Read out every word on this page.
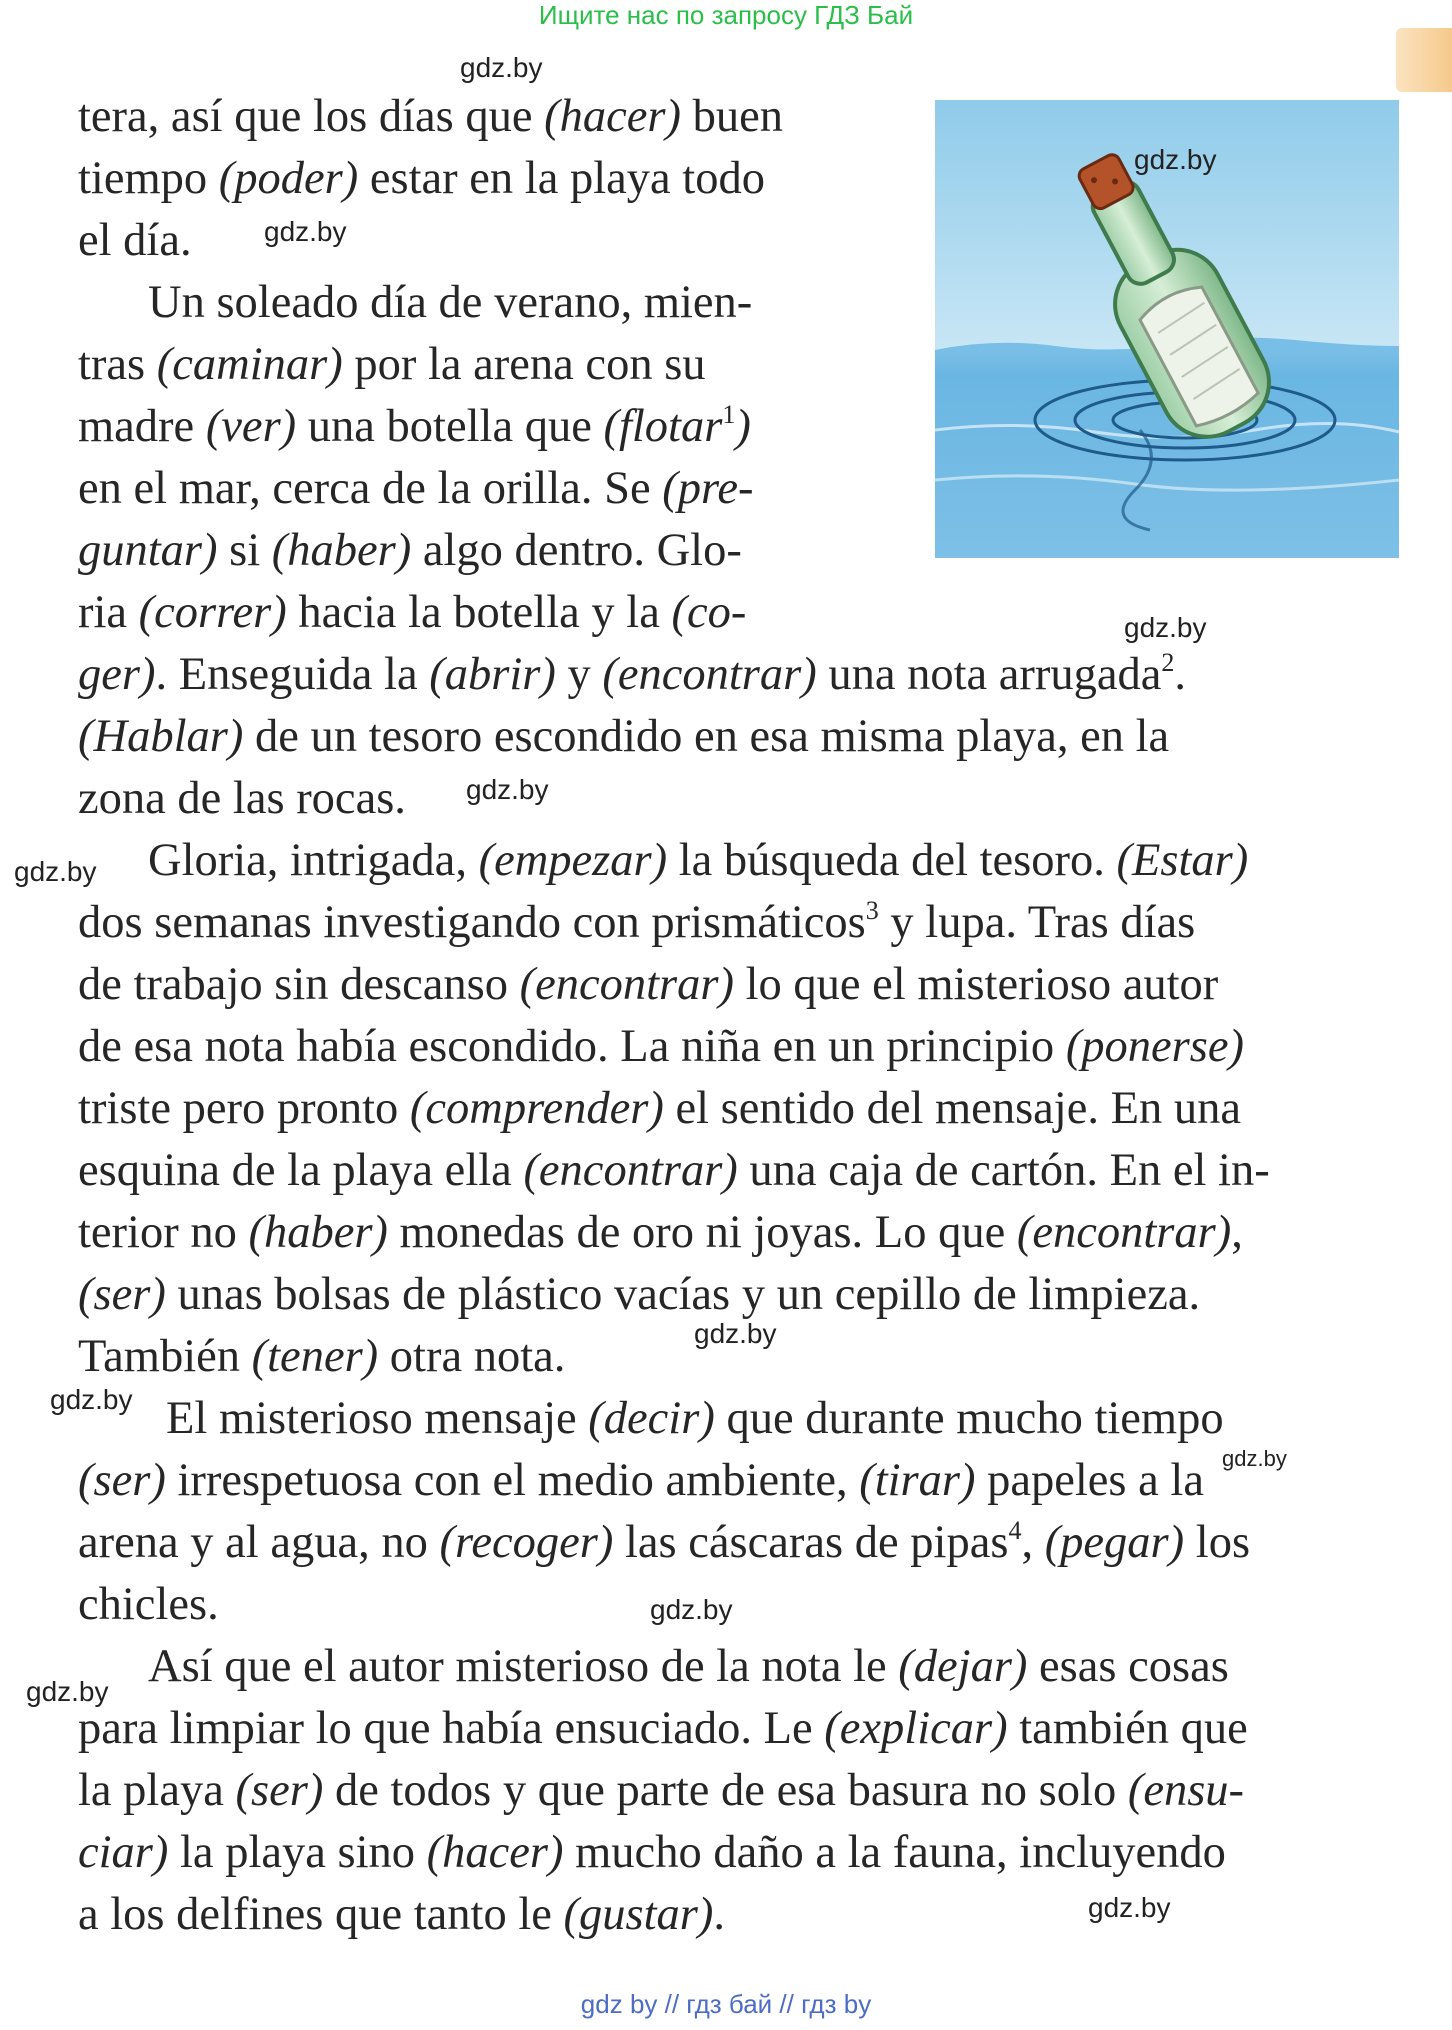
Ищите нас по запросу ГДЗ Бай
tera, así que los días que (hacer) buen
tiempo (poder) estar en la playa todo
el día.
Un soleado día de verano, mien-
tras (caminar) por la arena con su
madre (ver) una botella que (flotar$^1$)
en el mar, cerca de la orilla. Se (pre-
guntar) si (haber) algo dentro. Glo-
ria (correr) hacia la botella y la (co-
ger). Enseguida la (abrir) y (encontrar) una nota arrugada$^2$.
(Hablar) de un tesoro escondido en esa misma playa, en la
zona de las rocas.
Gloria, intrigada, (empezar) la búsqueda del tesoro. (Estar)
dos semanas investigando con prismáticos$^3$ y lupa. Tras días
de trabajo sin descanso (encontrar) lo que el misterioso autor
de esa nota había escondido. La niña en un principio (ponerse)
triste pero pronto (comprender) el sentido del mensaje. En una
esquina de la playa ella (encontrar) una caja de cartón. En el in-
terior no (haber) monedas de oro ni joyas. Lo que (encontrar),
(ser) unas bolsas de plástico vacías y un cepillo de limpieza.
También (tener) otra nota.
El misterioso mensaje (decir) que durante mucho tiempo
(ser) irrespetuosa con el medio ambiente, (tirar) papeles a la
arena y al agua, no (recoger) las cáscaras de pipas$^4$, (pegar) los
chicles.
Así que el autor misterioso de la nota le (dejar) esas cosas
para limpiar lo que había ensuciado. Le (explicar) también que
la playa (ser) de todos y que parte de esa basura no solo (ensu-
ciar) la playa sino (hacer) mucho daño a la fauna, incluyendo
a los delfines que tanto le (gustar).
gdz.by
gdz.by
gdz.by
gdz.by
gdz.by
gdz.by
gdz.by
gdz.by
gdz.by
gdz.by
gdz.by
gdz.by
gdz by // гдз бай // гдз by
